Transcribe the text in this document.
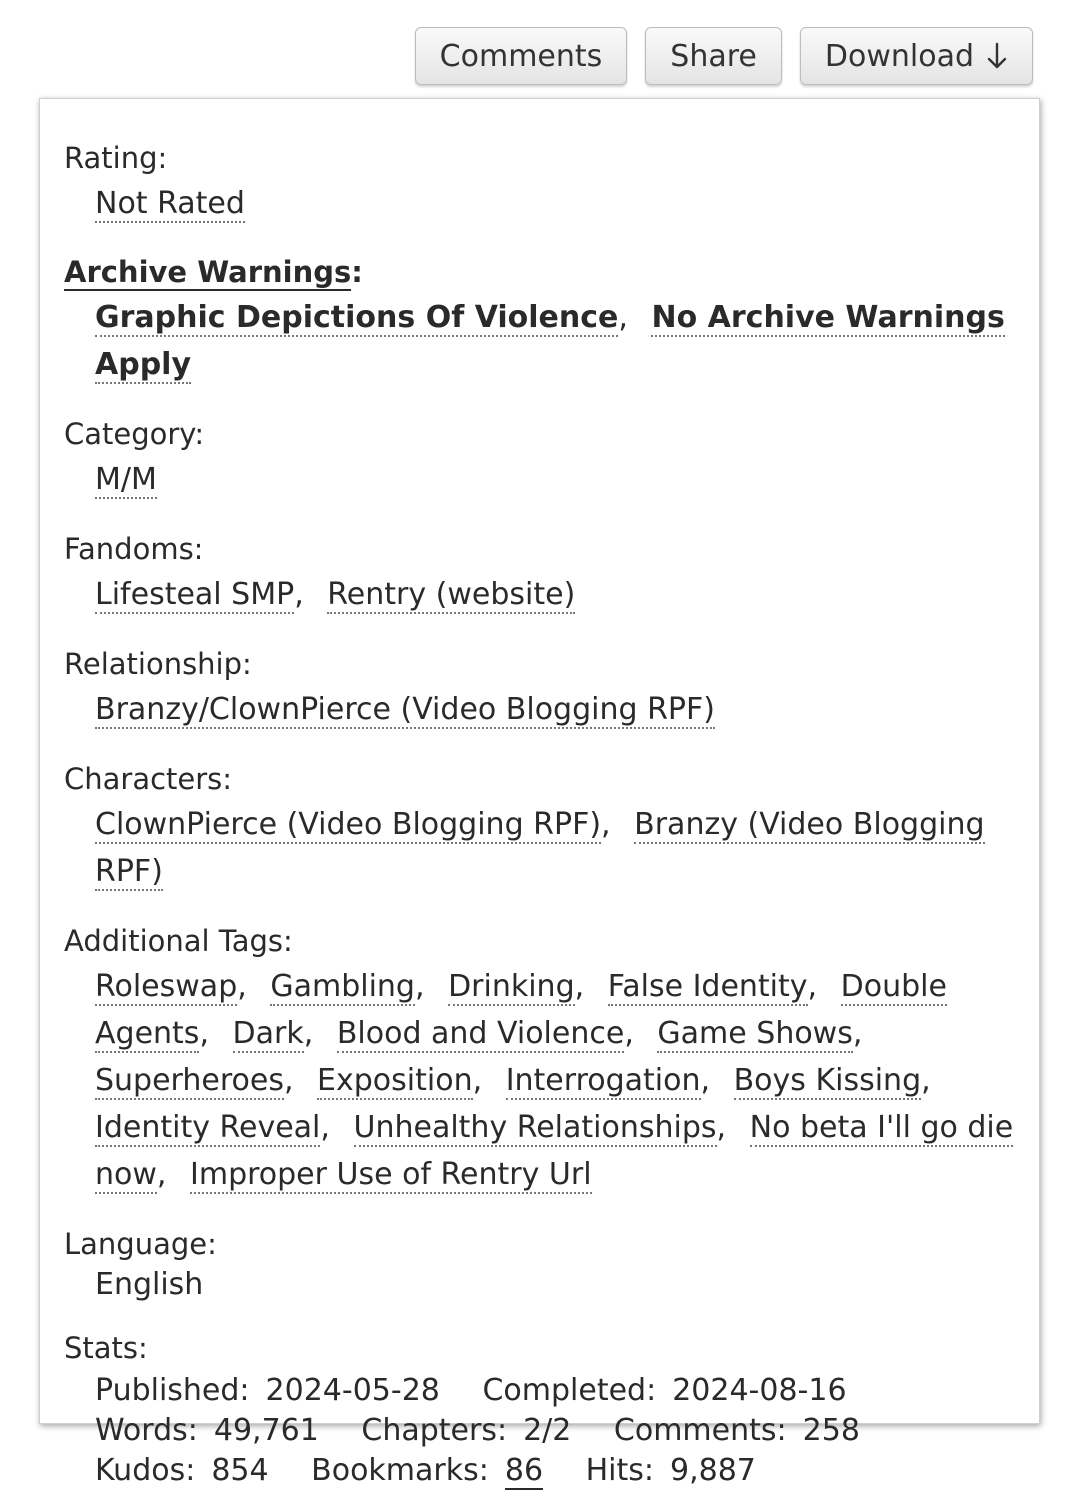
Comments Share Download
Rating:
Not Rated
Archive Warnings:
Graphic Depictions Of Violence, No Archive Warnings Apply
Category:
M/M
Fandoms:
Lifesteal SMP, Rentry (website)
Relationship:
Branzy/ClownPierce (Video Blogging RPF)
Characters:
ClownPierce (Video Blogging RPF), Branzy (Video Blogging RPF)
Additional Tags:
Roleswap, Gambling, Drinking, False Identity, Double Agents, Dark, Blood and Violence, Game Shows, Superheroes, Exposition, Interrogation, Boys Kissing, Identity Reveal, Unhealthy Relationships, No beta I'll go die now, Improper Use of Rentry Url
Language:
English
Stats:
Published: 2024-05-28 Completed: 2024-08-16 Words: 49,761 Chapters: 2/2 Comments: 258 Kudos: 854 Bookmarks: 86 Hits: 9,887
